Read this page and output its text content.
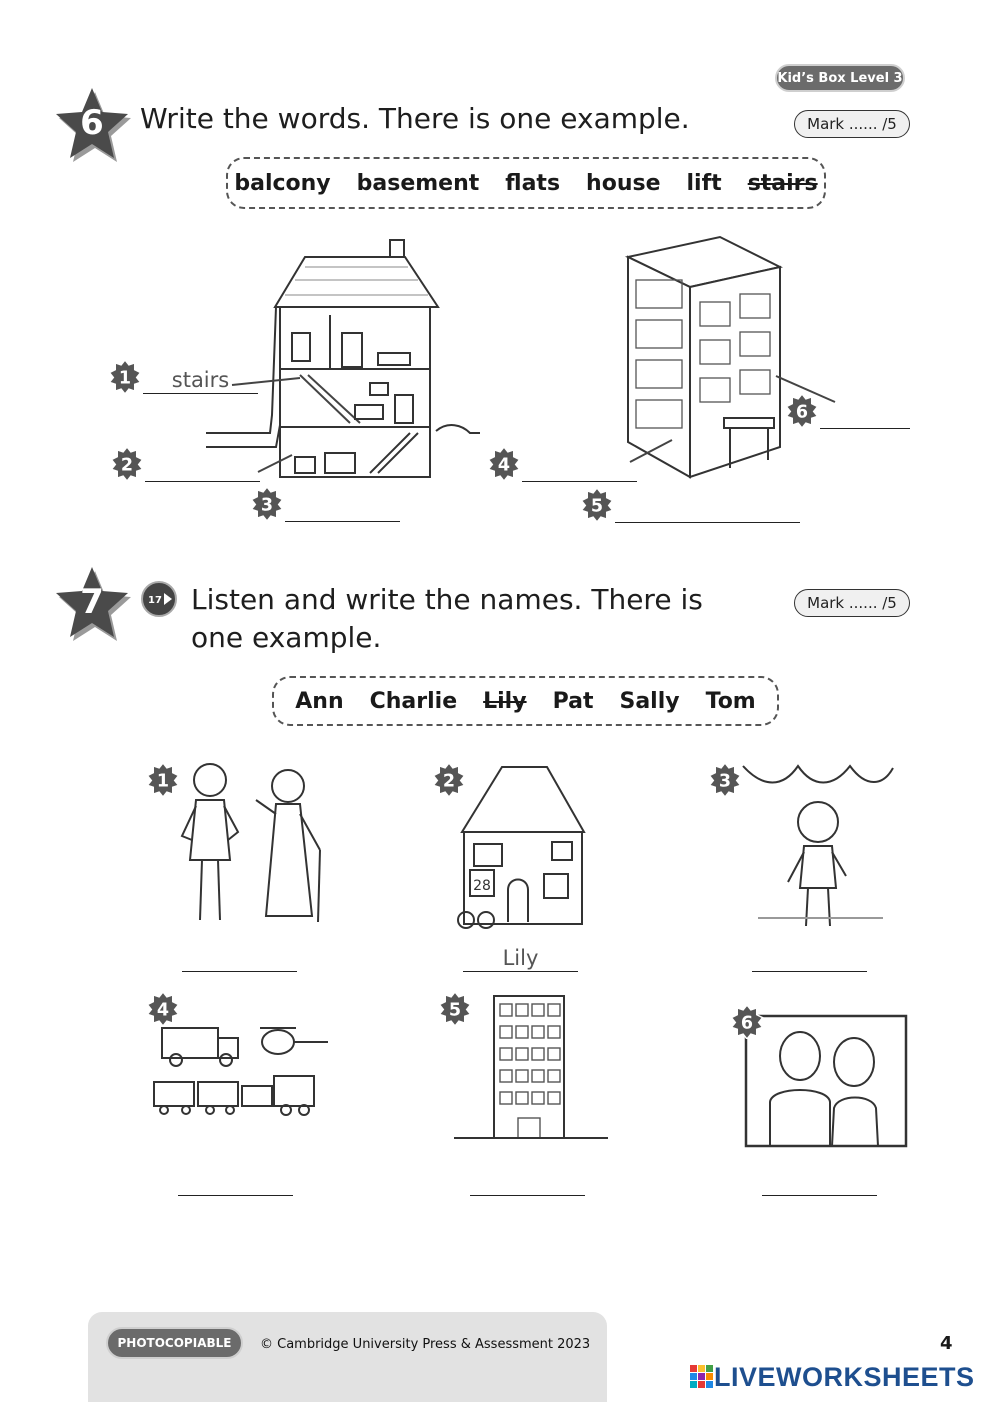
Kid’s Box Level 3
6 Write the words. There is one example.	Mark ...... /5
balcony basement flats house lift stairs
1	stairs
2
3
4
5
6
7	17 Listen and write the names. There is
one example.
Mark ...... /5
Ann Charlie Lily Pat Sally Tom
28
1	2	3
4	5
6
Lily
PHOTOCOPIABLE	© Cambridge University Press & Assessment 2023	4
LIVEWORKSHEETS
